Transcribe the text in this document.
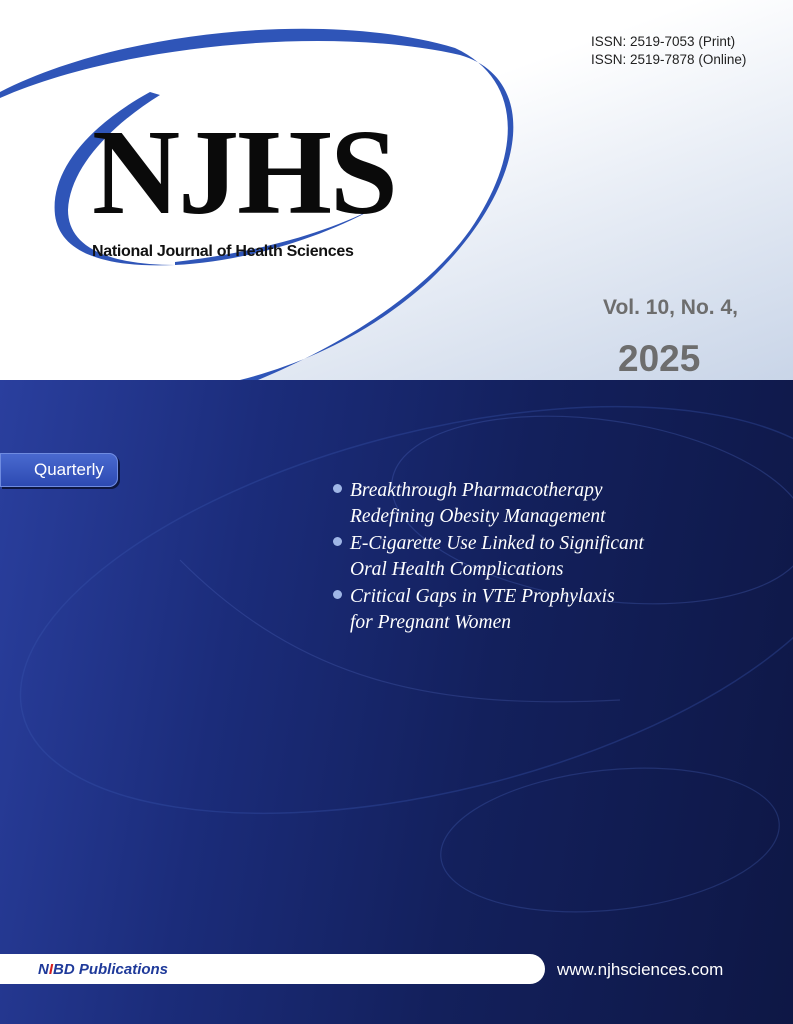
ISSN: 2519-7053 (Print)
ISSN: 2519-7878 (Online)
NJHS
National Journal of Health Sciences
Vol. 10, No. 4,
2025
Quarterly
Breakthrough Pharmacotherapy
Redefining Obesity Management
E-Cigarette Use Linked to Significant
Oral Health Complications
Critical Gaps in VTE Prophylaxis
for Pregnant Women
NIBD Publications	www.njhsciences.com
